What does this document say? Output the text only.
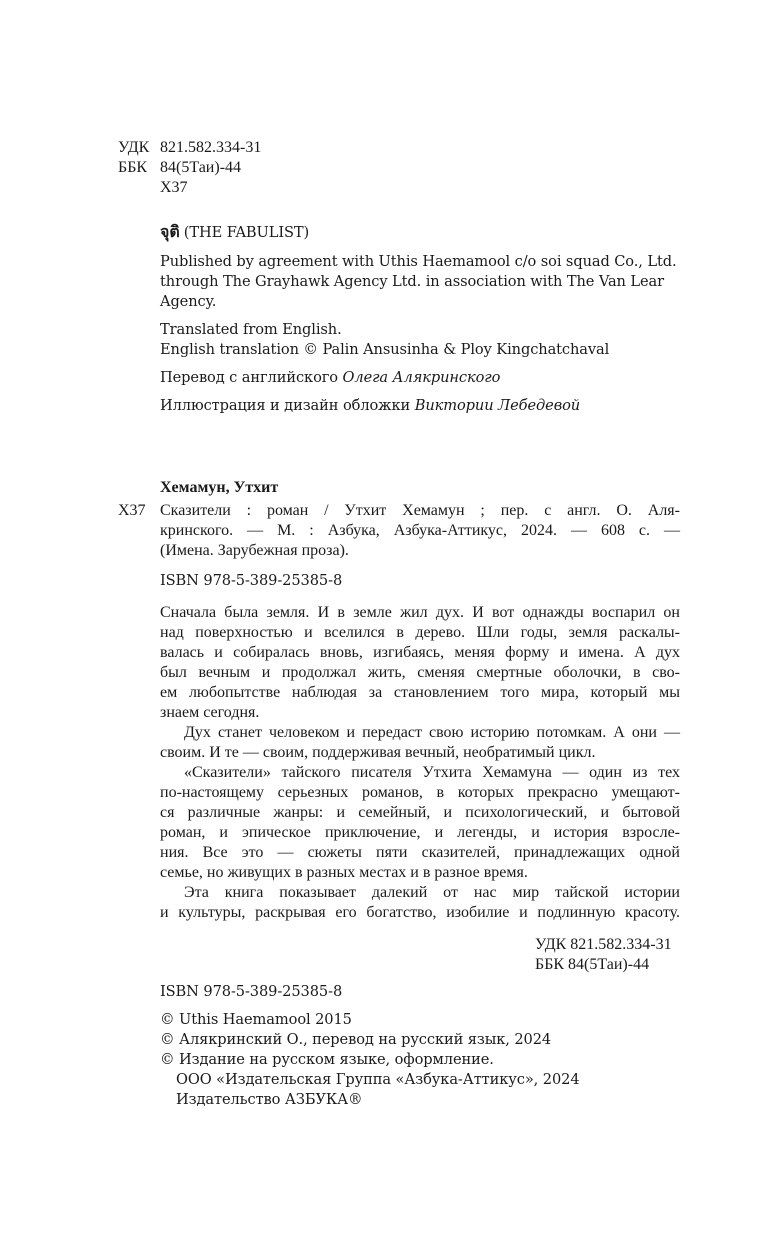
УДК 821.582.334-31
ББК 84(5Таи)-44
Х37
จุติ (THE FABULIST)
Published by agreement with Uthis Haemamool c/o soi squad Co., Ltd.
through The Grayhawk Agency Ltd. in association with The Van Lear
Agency.
Translated from English.
English translation © Palin Ansusinha & Ploy Kingchatchaval
Перевод с английского Олега Алякринского
Иллюстрация и дизайн обложки Виктории Лебедевой
Хемамун, Утхит
Х37 Сказители : роман / Утхит Хемамун ; пер. с англ. О. Аля-
кринского. — М. : Азбука, Азбука-Аттикус, 2024. — 608 с. —
(Имена. Зарубежная проза).
ISBN 978-5-389-25385-8
Сначала была земля. И в земле жил дух. И вот однажды воспарил он
над поверхностью и вселился в дерево. Шли годы, земля раскалы-
валась и собиралась вновь, изгибаясь, меняя форму и имена. А дух
был вечным и продолжал жить, сменяя смертные оболочки, в сво-
ем любопытстве наблюдая за становлением того мира, который мы
знаем сегодня.
Дух станет человеком и передаст свою историю потомкам. А они —
своим. И те — своим, поддерживая вечный, необратимый цикл.
«Сказители» тайского писателя Утхита Хемамуна — один из тех
по-настоящему серьезных романов, в которых прекрасно умещают-
ся различные жанры: и семейный, и психологический, и бытовой
роман, и эпическое приключение, и легенды, и история взросле-
ния. Все это — сюжеты пяти сказителей, принадлежащих одной
семье, но живущих в разных местах и в разное время.
Эта книга показывает далекий от нас мир тайской истории
и культуры, раскрывая его богатство, изобилие и подлинную красоту.
УДК 821.582.334-31
ББК 84(5Таи)-44
ISBN 978-5-389-25385-8
© Uthis Haemamool 2015
© Алякринский О., перевод на русский язык, 2024
© Издание на русском языке, оформление.
ООО «Издательская Группа «Азбука-Аттикус», 2024
Издательство АЗБУКА®
